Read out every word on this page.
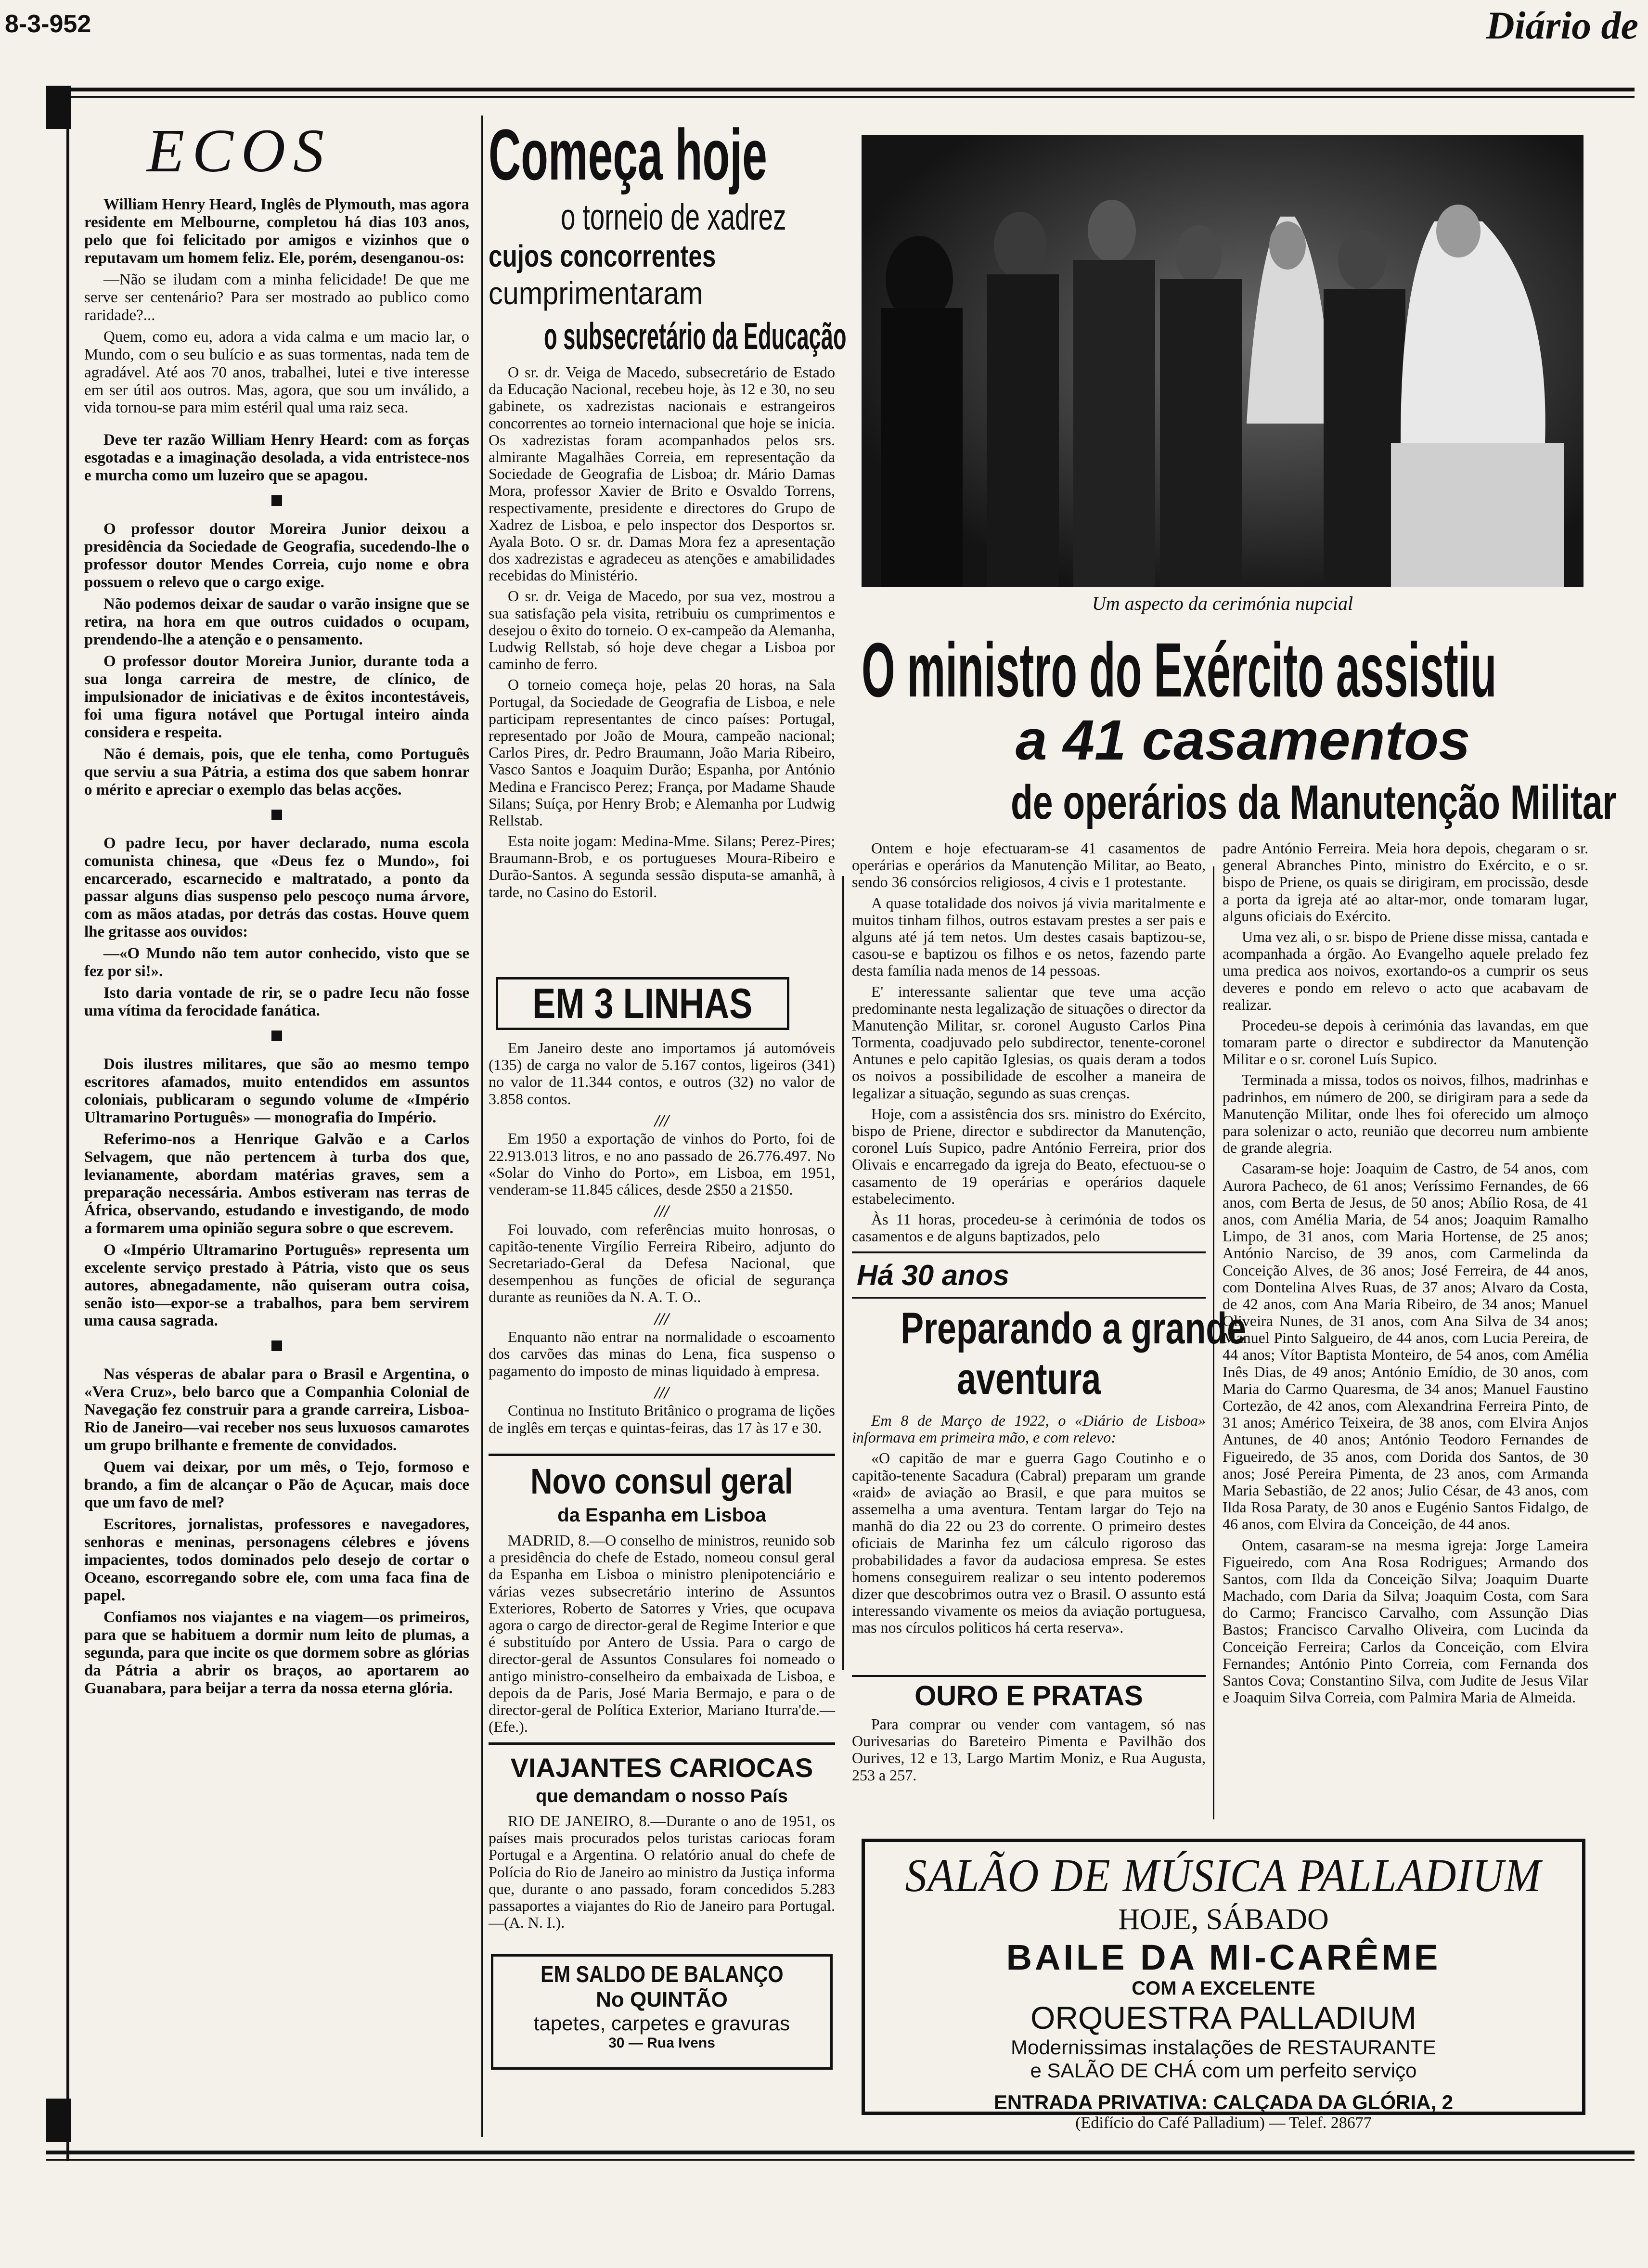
8-3-952	Diário de
ECOS

William Henry Heard, Inglês de Plymouth, mas agora residente em Melbourne, completou há dias 103 anos, pelo que foi felicitado por amigos e vizinhos que o reputavam um homem feliz. Ele, porém, desenganou-os:

—Não se iludam com a minha felicidade! De que me serve ser centenário? Para ser mostrado ao publico como raridade?...

Quem, como eu, adora a vida calma e um macio lar, o Mundo, com o seu bulício e as suas tormentas, nada tem de agradável. Até aos 70 anos, trabalhei, lutei e tive interesse em ser útil aos outros. Mas, agora, que sou um inválido, a vida tornou-se para mim estéril qual uma raiz seca.

Deve ter razão William Henry Heard: com as forças esgotadas e a imaginação desolada, a vida entristece-nos e murcha como um luzeiro que se apagou.

O professor doutor Moreira Junior deixou a presidência da Sociedade de Geografia, sucedendo-lhe o professor doutor Mendes Correia, cujo nome e obra possuem o relevo que o cargo exige.

Não podemos deixar de saudar o varão insigne que se retira, na hora em que outros cuidados o ocupam, prendendo-lhe a atenção e o pensamento.

O professor doutor Moreira Junior, durante toda a sua longa carreira de mestre, de clínico, de impulsionador de iniciativas e de êxitos incontestáveis, foi uma figura notável que Portugal inteiro ainda considera e respeita.

Não é demais, pois, que ele tenha, como Português que serviu a sua Pátria, a estima dos que sabem honrar o mérito e apreciar o exemplo das belas acções.

O padre Iecu, por haver declarado, numa escola comunista chinesa, que «Deus fez o Mundo», foi encarcerado, escarnecido e maltratado, a ponto da passar alguns dias suspenso pelo pescoço numa árvore, com as mãos atadas, por detrás das costas. Houve quem lhe gritasse aos ouvidos:

—«O Mundo não tem autor conhecido, visto que se fez por si!».

Isto daria vontade de rir, se o padre Iecu não fosse uma vítima da ferocidade fanática.

Dois ilustres militares, que são ao mesmo tempo escritores afamados, muito entendidos em assuntos coloniais, publicaram o segundo volume de «Império Ultramarino Português» — monografia do Império.

Referimo-nos a Henrique Galvão e a Carlos Selvagem, que não pertencem à turba dos que, levianamente, abordam matérias graves, sem a preparação necessária. Ambos estiveram nas terras de África, observando, estudando e investigando, de modo a formarem uma opinião segura sobre o que escrevem.

O «Império Ultramarino Português» representa um excelente serviço prestado à Pátria, visto que os seus autores, abnegadamente, não quiseram outra coisa, senão isto—expor-se a trabalhos, para bem servirem uma causa sagrada.

Nas vésperas de abalar para o Brasil e Argentina, o «Vera Cruz», belo barco que a Companhia Colonial de Navegação fez construir para a grande carreira, Lisboa-Rio de Janeiro—vai receber nos seus luxuosos camarotes um grupo brilhante e fremente de convidados.

Quem vai deixar, por um mês, o Tejo, formoso e brando, a fim de alcançar o Pão de Açucar, mais doce que um favo de mel?

Escritores, jornalistas, professores e navegadores, senhoras e meninas, personagens célebres e jóvens impacientes, todos dominados pelo desejo de cortar o Oceano, escorregando sobre ele, com uma faca fina de papel.

Confiamos nos viajantes e na viagem—os primeiros, para que se habituem a dormir num leito de plumas, a segunda, para que incite os que dormem sobre as glórias da Pátria a abrir os braços, ao aportarem ao Guanabara, para beijar a terra da nossa eterna glória.

Começa hoje
o torneio de xadrez
cujos concorrentes
cumprimentaram
o subsecretário da Educação

O sr. dr. Veiga de Macedo, subsecretário de Estado da Educação Nacional, recebeu hoje, às 12 e 30, no seu gabinete, os xadrezistas nacionais e estrangeiros concorrentes ao torneio internacional que hoje se inicia. Os xadrezistas foram acompanhados pelos srs. almirante Magalhães Correia, em representação da Sociedade de Geografia de Lisboa; dr. Mário Damas Mora, professor Xavier de Brito e Osvaldo Torrens, respectivamente, presidente e directores do Grupo de Xadrez de Lisboa, e pelo inspector dos Desportos sr. Ayala Boto. O sr. dr. Damas Mora fez a apresentação dos xadrezistas e agradeceu as atenções e amabilidades recebidas do Ministério.

O sr. dr. Veiga de Macedo, por sua vez, mostrou a sua satisfação pela visita, retribuiu os cumprimentos e desejou o êxito do torneio. O ex-campeão da Alemanha, Ludwig Rellstab, só hoje deve chegar a Lisboa por caminho de ferro.

O torneio começa hoje, pelas 20 horas, na Sala Portugal, da Sociedade de Geografia de Lisboa, e nele participam representantes de cinco países: Portugal, representado por João de Moura, campeão nacional; Carlos Pires, dr. Pedro Braumann, João Maria Ribeiro, Vasco Santos e Joaquim Durão; Espanha, por António Medina e Francisco Perez; França, por Madame Shaude Silans; Suíça, por Henry Brob; e Alemanha por Ludwig Rellstab.

Esta noite jogam: Medina-Mme. Silans; Perez-Pires; Braumann-Brob, e os portugueses Moura-Ribeiro e Durão-Santos. A segunda sessão disputa-se amanhã, à tarde, no Casino do Estoril.

EM 3 LINHAS

Em Janeiro deste ano importamos já automóveis (135) de carga no valor de 5.167 contos, ligeiros (341) no valor de 11.344 contos, e outros (32) no valor de 3.858 contos.

///

Em 1950 a exportação de vinhos do Porto, foi de 22.913.013 litros, e no ano passado de 26.776.497. No «Solar do Vinho do Porto», em Lisboa, em 1951, venderam-se 11.845 cálices, desde 2$50 a 21$50.

///

Foi louvado, com referências muito honrosas, o capitão-tenente Virgílio Ferreira Ribeiro, adjunto do Secretariado-Geral da Defesa Nacional, que desempenhou as funções de oficial de segurança durante as reuniões da N. A. T. O..

///

Enquanto não entrar na normalidade o escoamento dos carvões das minas do Lena, fica suspenso o pagamento do imposto de minas liquidado à empresa.

///

Continua no Instituto Britânico o programa de lições de inglês em terças e quintas-feiras, das 17 às 17 e 30.

Novo consul geral
da Espanha em Lisboa

MADRID, 8.—O conselho de ministros, reunido sob a presidência do chefe de Estado, nomeou consul geral da Espanha em Lisboa o ministro plenipotenciário e várias vezes subsecretário interino de Assuntos Exteriores, Roberto de Satorres y Vries, que ocupava agora o cargo de director-geral de Regime Interior e que é substituído por Antero de Ussia. Para o cargo de director-geral de Assuntos Consulares foi nomeado o antigo ministro-conselheiro da embaixada de Lisboa, e depois da de Paris, José Maria Bermajo, e para o de director-geral de Política Exterior, Mariano Iturra'de.—(Efe.).

VIAJANTES CARIOCAS
que demandam o nosso País

RIO DE JANEIRO, 8.—Durante o ano de 1951, os países mais procurados pelos turistas cariocas foram Portugal e a Argentina. O relatório anual do chefe de Polícia do Rio de Janeiro ao ministro da Justiça informa que, durante o ano passado, foram concedidos 5.283 passaportes a viajantes do Rio de Janeiro para Portugal.—(A. N. I.).

EM SALDO DE BALANÇO
No QUINTÃO
tapetes, carpetes e gravuras
30 — Rua Ivens
Um aspecto da cerimónia nupcial
O ministro do Exército assistiu
a 41 casamentos
de operários da Manutenção Militar

Ontem e hoje efectuaram-se 41 casamentos de operárias e operários da Manutenção Militar, ao Beato, sendo 36 consórcios religiosos, 4 civis e 1 protestante.

A quase totalidade dos noivos já vivia maritalmente e muitos tinham filhos, outros estavam prestes a ser pais e alguns até já tem netos. Um destes casais baptizou-se, casou-se e baptizou os filhos e os netos, fazendo parte desta família nada menos de 14 pessoas.

E' interessante salientar que teve uma acção predominante nesta legalização de situações o director da Manutenção Militar, sr. coronel Augusto Carlos Pina Tormenta, coadjuvado pelo subdirector, tenente-coronel Antunes e pelo capitão Iglesias, os quais deram a todos os noivos a possibilidade de escolher a maneira de legalizar a situação, segundo as suas crenças.

Hoje, com a assistência dos srs. ministro do Exército, bispo de Priene, director e subdirector da Manutenção, coronel Luís Supico, padre António Ferreira, prior dos Olivais e encarregado da igreja do Beato, efectuou-se o casamento de 19 operárias e operários daquele estabelecimento.

Às 11 horas, procedeu-se à cerimónia de todos os casamentos e de alguns baptizados, pelo

padre António Ferreira. Meia hora depois, chegaram o sr. general Abranches Pinto, ministro do Exército, e o sr. bispo de Priene, os quais se dirigiram, em procissão, desde a porta da igreja até ao altar-mor, onde tomaram lugar, alguns oficiais do Exército.

Uma vez ali, o sr. bispo de Priene disse missa, cantada e acompanhada a órgão. Ao Evangelho aquele prelado fez uma predica aos noivos, exortando-os a cumprir os seus deveres e pondo em relevo o acto que acabavam de realizar.

Procedeu-se depois à cerimónia das lavandas, em que tomaram parte o director e subdirector da Manutenção Militar e o sr. coronel Luís Supico.

Terminada a missa, todos os noivos, filhos, madrinhas e padrinhos, em número de 200, se dirigiram para a sede da Manutenção Militar, onde lhes foi oferecido um almoço para solenizar o acto, reunião que decorreu num ambiente de grande alegria.

Casaram-se hoje: Joaquim de Castro, de 54 anos, com Aurora Pacheco, de 61 anos; Veríssimo Fernandes, de 66 anos, com Berta de Jesus, de 50 anos; Abílio Rosa, de 41 anos, com Amélia Maria, de 54 anos; Joaquim Ramalho Limpo, de 31 anos, com Maria Hortense, de 25 anos; António Narciso, de 39 anos, com Carmelinda da Conceição Alves, de 36 anos; José Ferreira, de 44 anos, com Dontelina Alves Ruas, de 37 anos; Alvaro da Costa, de 42 anos, com Ana Maria Ribeiro, de 34 anos; Manuel Oliveira Nunes, de 31 anos, com Ana Silva de 34 anos; Manuel Pinto Salgueiro, de 44 anos, com Lucia Pereira, de 44 anos; Vítor Baptista Monteiro, de 54 anos, com Amélia Inês Dias, de 49 anos; António Emídio, de 30 anos, com Maria do Carmo Quaresma, de 34 anos; Manuel Faustino Cortezão, de 42 anos, com Alexandrina Ferreira Pinto, de 31 anos; Américo Teixeira, de 38 anos, com Elvira Anjos Antunes, de 40 anos; António Teodoro Fernandes de Figueiredo, de 35 anos, com Dorida dos Santos, de 30 anos; José Pereira Pimenta, de 23 anos, com Armanda Maria Sebastião, de 22 anos; Julio César, de 43 anos, com Ilda Rosa Paraty, de 30 anos e Eugénio Santos Fidalgo, de 46 anos, com Elvira da Conceição, de 44 anos.

Ontem, casaram-se na mesma igreja: Jorge Lameira Figueiredo, com Ana Rosa Rodrigues; Armando dos Santos, com Ilda da Conceição Silva; Joaquim Duarte Machado, com Daria da Silva; Joaquim Costa, com Sara do Carmo; Francisco Carvalho, com Assunção Dias Bastos; Francisco Carvalho Oliveira, com Lucinda da Conceição Ferreira; Carlos da Conceição, com Elvira Fernandes; António Pinto Correia, com Fernanda dos Santos Cova; Constantino Silva, com Judite de Jesus Vilar e Joaquim Silva Correia, com Palmira Maria de Almeida.

Há 30 anos
Preparando a grande
aventura

Em 8 de Março de 1922, o «Diário de Lisboa» informava em primeira mão, e com relevo:

«O capitão de mar e guerra Gago Coutinho e o capitão-tenente Sacadura (Cabral) preparam um grande «raid» de aviação ao Brasil, e que para muitos se assemelha a uma aventura. Tentam largar do Tejo na manhã do dia 22 ou 23 do corrente. O primeiro destes oficiais de Marinha fez um cálculo rigoroso das probabilidades a favor da audaciosa empresa. Se estes homens conseguirem realizar o seu intento poderemos dizer que descobrimos outra vez o Brasil. O assunto está interessando vivamente os meios da aviação portuguesa, mas nos círculos politicos há certa reserva».

OURO E PRATAS

Para comprar ou vender com vantagem, só nas Ourivesarias do Bareteiro Pimenta e Pavilhão dos Ourives, 12 e 13, Largo Martim Moniz, e Rua Augusta, 253 a 257.

SALÃO DE MÚSICA PALLADIUM
HOJE, SÁBADO
BAILE DA MI-CARÊME
COM A EXCELENTE
ORQUESTRA PALLADIUM
Modernissimas instalações de RESTAURANTE
e SALÃO DE CHÁ com um perfeito serviço
ENTRADA PRIVATIVA: CALÇADA DA GLÓRIA, 2
(Edifício do Café Palladium) — Telef. 28677
